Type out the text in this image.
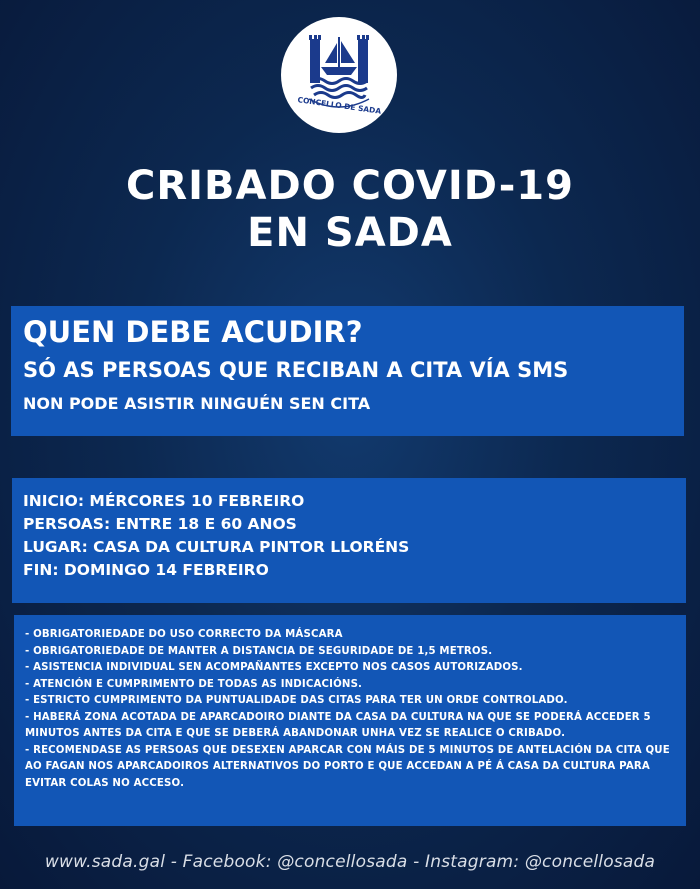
CONCELLO DE SADA
CRIBADO COVID-19
EN SADA
QUEN DEBE ACUDIR?
SÓ AS PERSOAS QUE RECIBAN A CITA VÍA SMS
NON PODE ASISTIR NINGUÉN SEN CITA
INICIO: MÉRCORES 10 FEBREIRO
PERSOAS: ENTRE 18 E 60 ANOS
LUGAR: CASA DA CULTURA PINTOR LLORÉNS
FIN: DOMINGO 14 FEBREIRO
- OBRIGATORIEDADE DO USO CORRECTO DA MÁSCARA
- OBRIGATORIEDADE DE MANTER A DISTANCIA DE SEGURIDADE DE 1,5 METROS.
- ASISTENCIA INDIVIDUAL SEN ACOMPAÑANTES EXCEPTO NOS CASOS AUTORIZADOS.
- ATENCIÓN E CUMPRIMENTO DE TODAS AS INDICACIÓNS.
- ESTRICTO CUMPRIMENTO DA PUNTUALIDADE DAS CITAS PARA TER UN ORDE CONTROLADO.
- HABERÁ ZONA ACOTADA DE APARCADOIRO DIANTE DA CASA DA CULTURA NA QUE SE PODERÁ ACCEDER 5 MINUTOS ANTES DA CITA E QUE SE DEBERÁ ABANDONAR UNHA VEZ SE REALICE O CRIBADO.
- RECOMENDASE AS PERSOAS QUE DESEXEN APARCAR CON MÁIS DE 5 MINUTOS DE ANTELACIÓN DA CITA QUE AO FAGAN NOS APARCADOIROS ALTERNATIVOS DO PORTO E QUE ACCEDAN A PÉ Á CASA DA CULTURA PARA EVITAR COLAS NO ACCESO.
www.sada.gal - Facebook: @concellosada - Instagram: @concellosada
